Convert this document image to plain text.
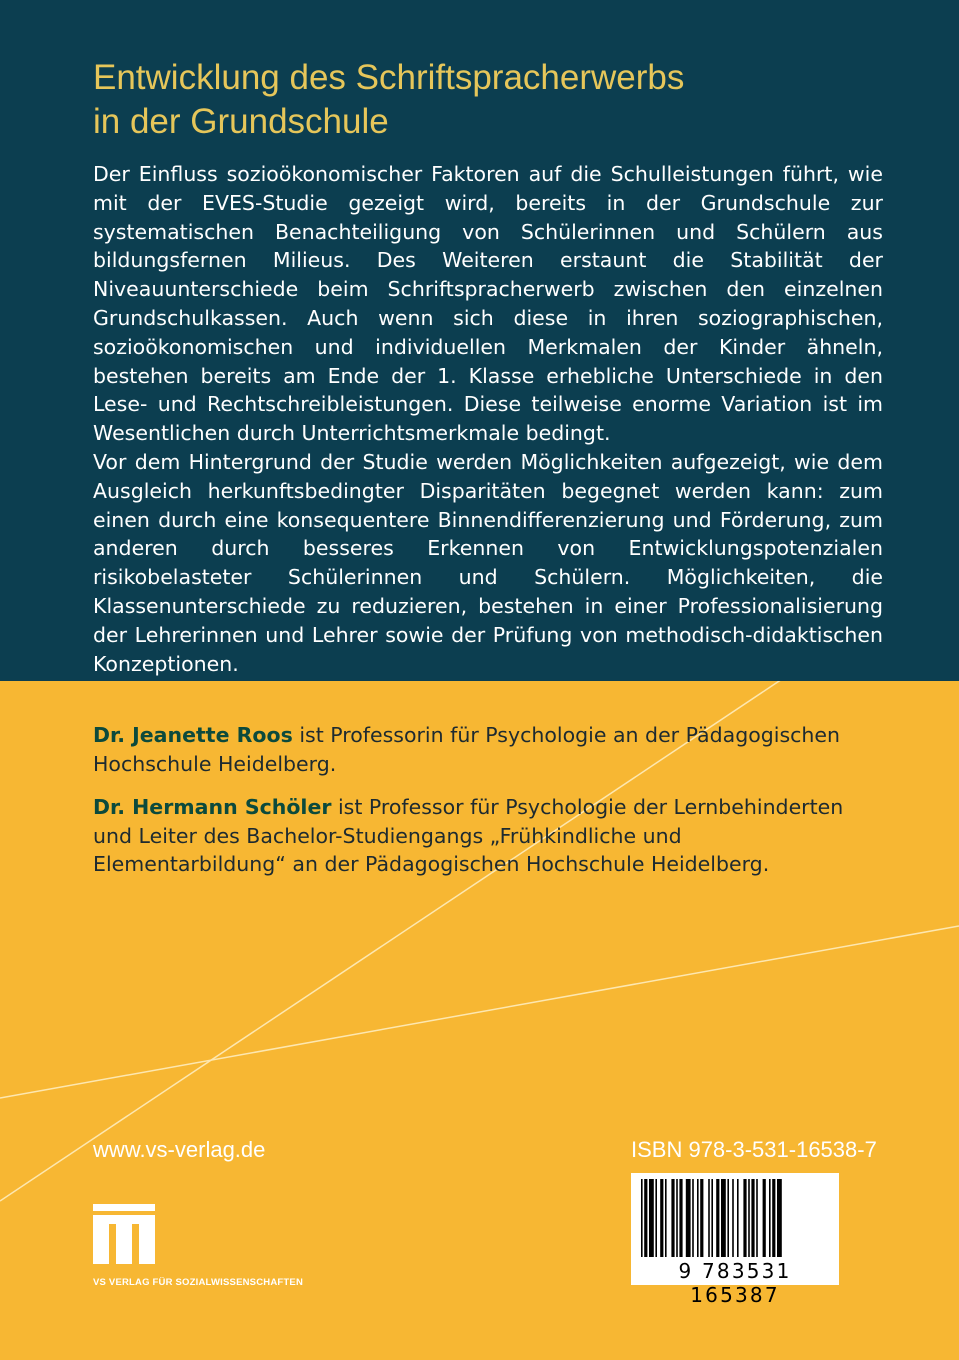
Entwicklung des Schriftspracherwerbs
in der Grundschule

Der Einfluss sozioökonomischer Faktoren auf die Schulleistungen führt, wie mit der EVES-Studie gezeigt wird, bereits in der Grundschule zur systematischen Benachteiligung von Schülerinnen und Schülern aus bildungsfernen Milieus. Des Weiteren erstaunt die Stabilität der Niveauunterschiede beim Schriftspracherwerb zwischen den einzelnen Grundschulkassen. Auch wenn sich diese in ihren soziographischen, sozioökonomischen und individuellen Merkmalen der Kinder ähneln, bestehen bereits am Ende der 1. Klasse erhebliche Unterschiede in den Lese- und Rechtschreibleistungen. Diese teilweise enorme Variation ist im Wesentlichen durch Unterrichtsmerkmale bedingt.

Vor dem Hintergrund der Studie werden Möglichkeiten aufgezeigt, wie dem Ausgleich herkunftsbedingter Disparitäten begegnet werden kann: zum einen durch eine konsequentere Binnendifferenzierung und Förderung, zum anderen durch besseres Erkennen von Entwicklungspotenzialen risikobelasteter Schülerinnen und Schülern. Möglichkeiten, die Klassenunterschiede zu reduzieren, bestehen in einer Professionalisierung der Lehrerinnen und Lehrer sowie der Prüfung von methodisch-didaktischen Konzeptionen.

Dr. Jeanette Roos ist Professorin für Psychologie an der Pädagogischen Hochschule Heidelberg.
Dr. Hermann Schöler ist Professor für Psychologie der Lernbehinderten und Leiter des Bachelor-Studiengangs „Frühkindliche und Elementarbildung“ an der Pädagogischen Hochschule Heidelberg.
www.vs-verlag.de	ISBN 978-3-531-16538-7
VS VERLAG FÜR SOZIALWISSENSCHAFTEN	9 783531 165387
